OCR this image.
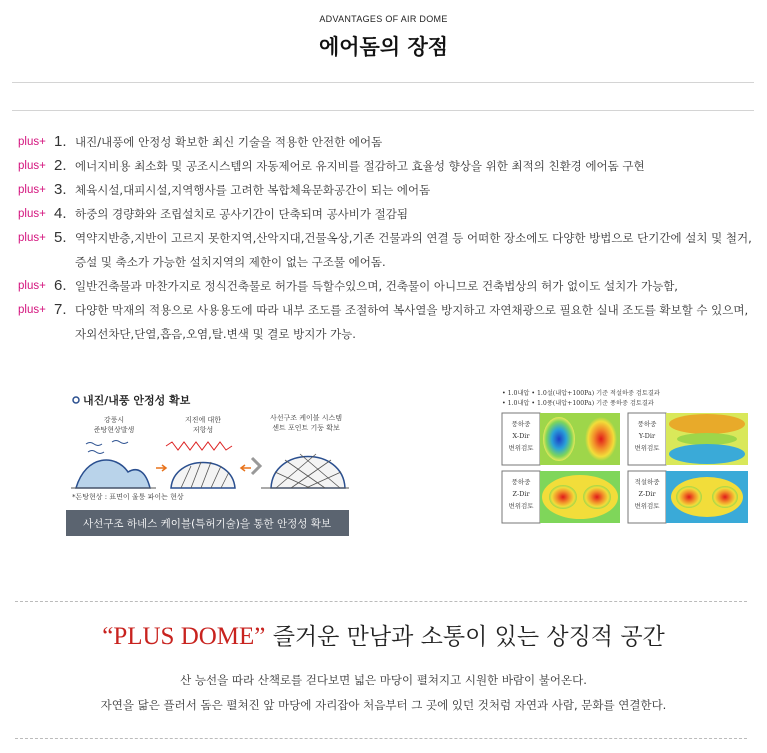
ADVANTAGES OF AIR DOME
에어돔의 장점
plus+ 1. 내진/내풍에 안정성 확보한 최신 기술을 적용한 안전한 에어돔
plus+ 2. 에너지비용 최소화 및 공조시스템의 자동제어로 유지비를 절감하고 효율성 향상을 위한 최적의 친환경 에어돔 구현
plus+ 3. 체육시설,대피시설,지역행사를 고려한 복합체육문화공간이 되는 에어돔
plus+ 4. 하중의 경량화와 조립설치로 공사기간이 단축되며 공사비가 절감됨
plus+ 5. 역약지반층,지반이 고르지 못한지역,산악지대,건물옥상,기존 건물과의 연결 등 어떠한 장소에도 다양한 방법으로 단기간에 설치 및 철거, 증설 및 축소가 가능한 설치지역의 제한이 없는 구조물 에어돔.
plus+ 6. 일반건축물과 마찬가지로 정식건축물로 허가를 득할수있으며, 건축물이 아니므로 건축법상의 허가 없이도 설치가 가능함,
plus+ 7. 다양한 막재의 적용으로 사용용도에 따라 내부 조도를 조절하여 복사열을 방지하고 자연채광으로 필요한 실내 조도를 확보할 수 있으며, 자외선차단,단열,흡음,오염,탈.변색 및 결로 방지가 가능.
내진/내풍 안정성 확보
강풍시
준탕현상발생
지진에 대한
저항성
사선구조 케이블 시스템
센트 포인트 기둥 확보
*돈탕현상 : 표면이 울퉁 파이는 현상
사선구조 하네스 케이블(특허기술)을 통한 안정성 확보
• 1.0내압 • 1.0설(내압+100Pa) 기준 적설하중 검토결과
• 1.0내압 • 1.0풍(내압+100Pa) 기준 풍하중 검토결과
풍하중
X-Dir
변위검토
풍하중
Y-Dir
변위검토
풍하중
Z-Dir
변위검토
적설하중
Z-Dir
변위검토
“PLUS DOME” 즐거운 만남과 소통이 있는 상징적 공간
산 능선을 따라 산책로를 걷다보면 넓은 마당이 펼쳐지고 시원한 바람이 불어온다.
자연을 닮은 플러서 돔은 펼쳐진 앞 마당에 자리잡아 처음부터 그 곳에 있던 것처럼 자연과 사람, 문화를 연결한다.
